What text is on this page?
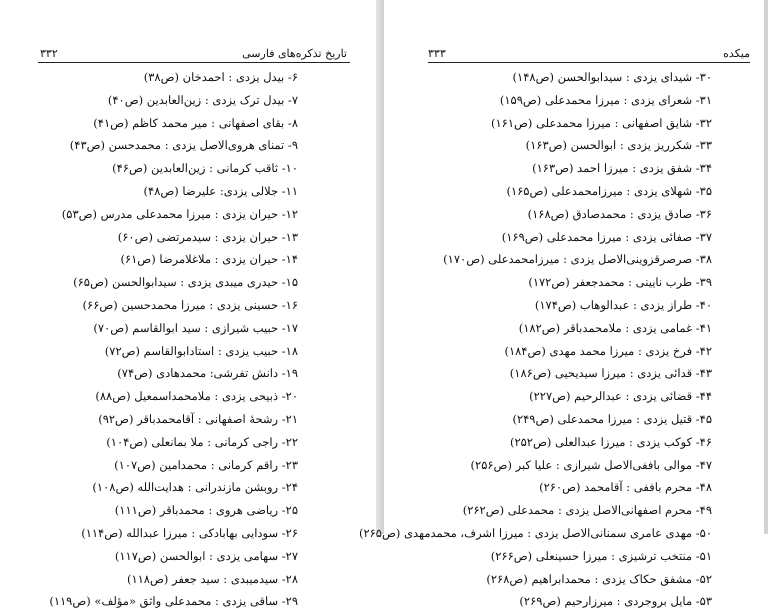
۳۳۲	تاریخ تذکره‌های فارسی
۶- بیدل یزدی : احمدخان (ص۳۸)
۷- بیدل ترک یزدی : زین‌العابدین (ص۴۰)
۸- بقای اصفهانی : میر محمد کاظم (ص۴۱)
۹- تمنای هروی‌الاصل یزدی : محمدحسن (ص۴۳)
۱۰- ثاقب کرمانی : زین‌العابدین (ص۴۶)
۱۱- جلالی یزدی: علیرضا (ص۴۸)
۱۲- حیران یزدی : میرزا محمدعلی مدرس (ص۵۳)
۱۳- حیران یزدی : سیدمرتضی (ص۶۰)
۱۴- حیران یزدی : ملاغلامرضا (ص۶۱)
۱۵- حیدری میبدی یزدی : سیدابوالحسن (ص۶۵)
۱۶- حسینی یزدی : میرزا محمدحسین (ص۶۶)
۱۷- حبیب شیرازی : سید ابوالقاسم (ص۷۰)
۱۸- حبیب یزدی : استادابوالقاسم (ص۷۲)
۱۹- دانش تفرشی: محمدهادی (ص۷۴)
۲۰- ذبیحی یزدی : ملامحمداسمعیل (ص۸۸)
۲۱- رشحهٔ اصفهانی : آقامحمدباقر (ص۹۲)
۲۲- راجی کرمانی : ملا بمانعلی (ص۱۰۴)
۲۳- راقم کرمانی : محمدامین (ص۱۰۷)
۲۴- روبشن مازندرانی : هدایت‌الله (ص۱۰۸)
۲۵- ریاضی هروی : محمدباقر (ص۱۱۱)
۲۶- سودایی بهابادکی : میرزا عبدالله (ص۱۱۴)
۲۷- سهامی یزدی : ابوالحسن (ص۱۱۷)
۲۸- سیدمیبدی : سید جعفر (ص۱۱۸)
۲۹- ساقی یزدی : محمدعلی واثق «مؤلف» (ص۱۱۹)
۳۳۳	میکده
۳۰- شیدای یزدی : سیدابوالحسن (ص۱۴۸)
۳۱- شعرای یزدی : میرزا محمدعلی (ص۱۵۹)
۳۲- شایق اصفهانی : میرزا محمدعلی (ص۱۶۱)
۳۳- شکرریز یزدی : ابوالحسن (ص۱۶۳)
۳۴- شفق یزدی : میرزا احمد (ص۱۶۳)
۳۵- شهلای یزدی : میرزامحمدعلی (ص۱۶۵)
۳۶- صادق یزدی : محمدصادق (ص۱۶۸)
۳۷- صفائی یزدی : میرزا محمدعلی (ص۱۶۹)
۳۸- صرصرقزوینی‌الاصل یزدی : میرزامحمدعلی (ص۱۷۰)
۳۹- طرب نایینی : محمدجعفر (ص۱۷۲)
۴۰- طراز یزدی : عبدالوهاب (ص۱۷۴)
۴۱- غمامی یزدی : ملامحمدباقر (ص۱۸۲)
۴۲- فرخ یزدی : میرزا محمد مهدی (ص۱۸۴)
۴۳- قدائی یزدی : میرزا سیدیحیی (ص۱۸۶)
۴۴- قضائی یزدی : عبدالرحیم (ص۲۲۷)
۴۵- قتیل یزدی : میرزا محمدعلی (ص۲۴۹)
۴۶- کوکب یزدی : میرزا عبدالعلی (ص۲۵۲)
۴۷- موالی باففی‌الاصل شیرازی : علیا کبر (ص۲۵۶)
۴۸- محرم باففی : آقامحمد (ص۲۶۰)
۴۹- محرم اصفهانی‌الاصل یزدی : محمدعلی (ص۲۶۲)
۵۰- مهدی عامری سمنانی‌الاصل یزدی : میرزا اشرف، محمدمهدی (ص۲۶۵)
۵۱- منتخب ترشیزی : میرزا حسینعلی (ص۲۶۶)
۵۲- مشفق حکاک یزدی : محمدابراهیم (ص۲۶۸)
۵۳- مایل بروجردی : میرزارحیم (ص۲۶۹)
